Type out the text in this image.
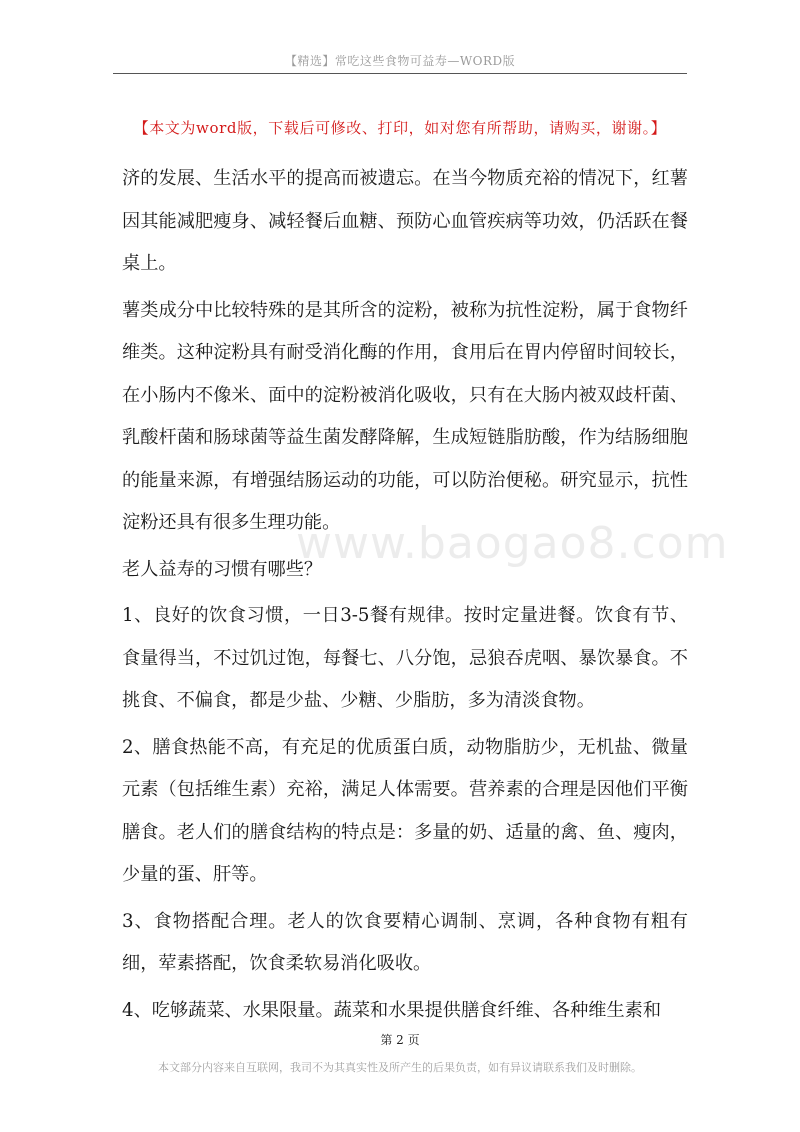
【精选】常吃这些食物可益寿—WORD版
【本文为word版，下载后可修改、打印，如对您有所帮助，请购买，谢谢。】

济的发展、生活水平的提高而被遗忘。在当今物质充裕的情况下，红薯因其能减肥瘦身、减轻餐后血糖、预防心血管疾病等功效，仍活跃在餐桌上。

薯类成分中比较特殊的是其所含的淀粉，被称为抗性淀粉，属于食物纤维类。这种淀粉具有耐受消化酶的作用，食用后在胃内停留时间较长，在小肠内不像米、面中的淀粉被消化吸收，只有在大肠内被双歧杆菌、乳酸杆菌和肠球菌等益生菌发酵降解，生成短链脂肪酸，作为结肠细胞的能量来源，有增强结肠运动的功能，可以防治便秘。研究显示，抗性淀粉还具有很多生理功能。

老人益寿的习惯有哪些？

1、良好的饮食习惯，一日3-5餐有规律。按时定量进餐。饮食有节、食量得当，不过饥过饱，每餐七、八分饱，忌狼吞虎咽、暴饮暴食。不挑食、不偏食，都是少盐、少糖、少脂肪，多为清淡食物。

2、膳食热能不高，有充足的优质蛋白质，动物脂肪少，无机盐、微量元素（包括维生素）充裕，满足人体需要。营养素的合理是因他们平衡膳食。老人们的膳食结构的特点是：多量的奶、适量的禽、鱼、瘦肉，少量的蛋、肝等。

3、食物搭配合理。老人的饮食要精心调制、烹调，各种食物有粗有细，荤素搭配，饮食柔软易消化吸收。

4、吃够蔬菜、水果限量。蔬菜和水果提供膳食纤维、各种维生素和

www.baogao8.com
第 2 页
本文部分内容来自互联网，我司不为其真实性及所产生的后果负责，如有异议请联系我们及时删除。
